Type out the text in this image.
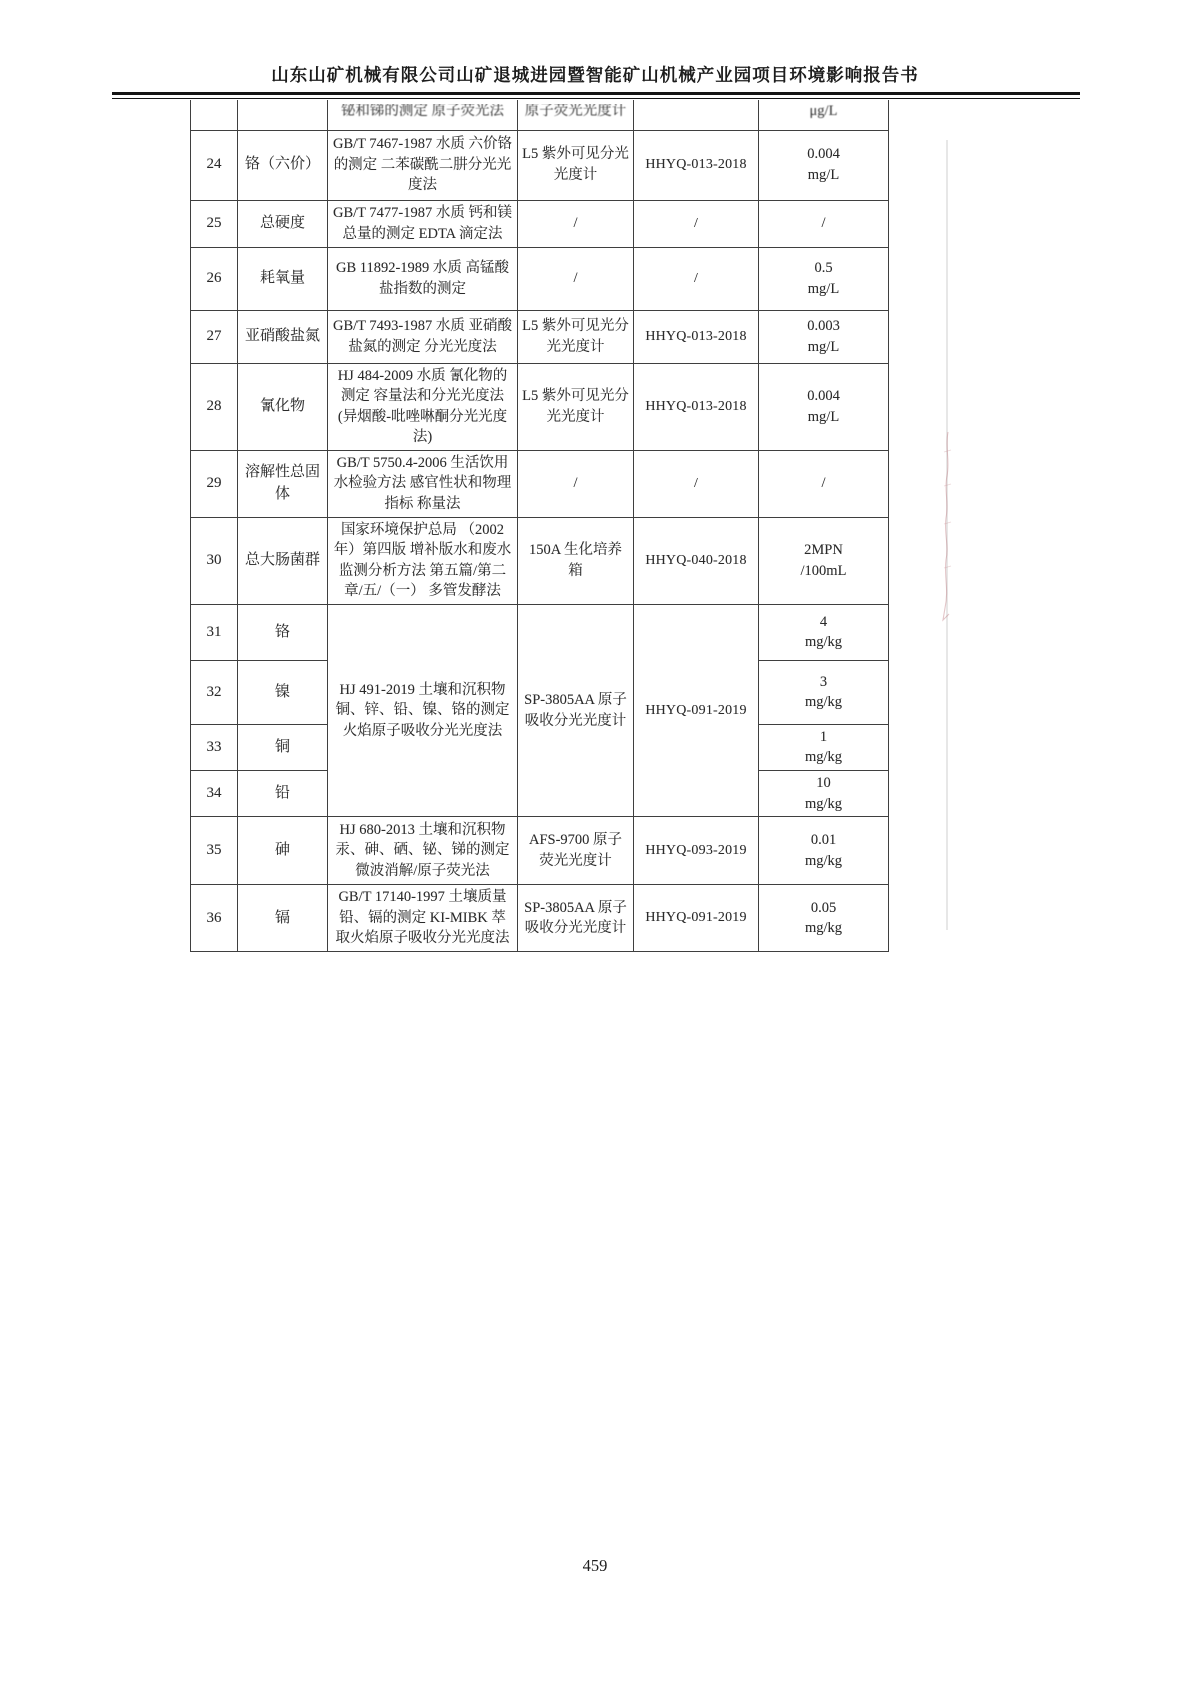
山东山矿机械有限公司山矿退城进园暨智能矿山机械产业园项目环境影响报告书

		铋和锑的测定 原子荧光法	原子荧光光度计		μg/L

24	铬（六价）	GB/T 7467-1987 水质 六价铬的测定 二苯碳酰二肼分光光度法	L5 紫外可见分光光度计	HHYQ-013-2018	0.004
mg/L

25	总硬度	GB/T 7477-1987 水质 钙和镁总量的测定 EDTA 滴定法	/	/	/

26	耗氧量	GB 11892-1989 水质 高锰酸盐指数的测定	/	/	0.5
mg/L

27	亚硝酸盐氮	GB/T 7493-1987 水质 亚硝酸盐氮的测定 分光光度法	L5 紫外可见光分光光度计	HHYQ-013-2018	0.003
mg/L

28	氰化物	HJ 484-2009 水质 氰化物的测定 容量法和分光光度法(异烟酸-吡唑啉酮分光光度法)	L5 紫外可见光分光光度计	HHYQ-013-2018	0.004
mg/L

29	溶解性总固体	GB/T 5750.4-2006 生活饮用水检验方法 感官性状和物理指标 称量法	/	/	/

30	总大肠菌群	国家环境保护总局 （2002 年）第四版 增补版水和废水监测分析方法 第五篇/第二章/五/（一） 多管发酵法	150A 生化培养箱	HHYQ-040-2018	2MPN
/100mL

31	铬	HJ 491-2019 土壤和沉积物铜、锌、铅、镍、铬的测定火焰原子吸收分光光度法	SP-3805AA 原子吸收分光光度计	HHYQ-091-2019	4
mg/kg

32	镍				3
mg/kg

33	铜				1
mg/kg

34	铅				10
mg/kg

35	砷	HJ 680-2013 土壤和沉积物 汞、砷、硒、铋、锑的测定 微波消解/原子荧光法	AFS-9700 原子荧光光度计	HHYQ-093-2019	0.01
mg/kg

36	镉	GB/T 17140-1997 土壤质量 铅、镉的测定 KI-MIBK 萃取火焰原子吸收分光光度法	SP-3805AA 原子吸收分光光度计	HHYQ-091-2019	0.05
mg/kg
459
